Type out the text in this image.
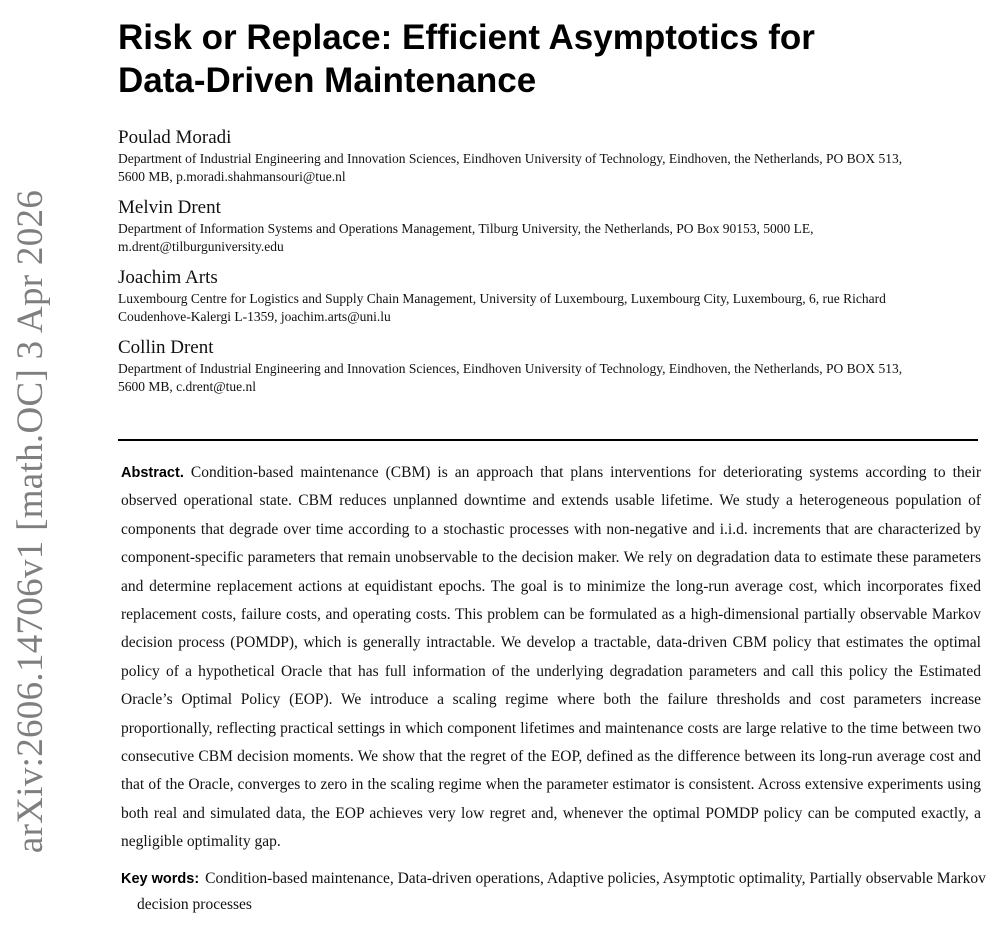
arXiv:2606.14706v1 [math.OC] 3 Apr 2026
Risk or Replace: Efficient Asymptotics for
Data-Driven Maintenance
Poulad Moradi
Department of Industrial Engineering and Innovation Sciences, Eindhoven University of Technology, Eindhoven, the Netherlands, PO BOX 513,
5600 MB, p.moradi.shahmansouri@tue.nl
Melvin Drent
Department of Information Systems and Operations Management, Tilburg University, the Netherlands, PO Box 90153, 5000 LE,
m.drent@tilburguniversity.edu
Joachim Arts
Luxembourg Centre for Logistics and Supply Chain Management, University of Luxembourg, Luxembourg City, Luxembourg, 6, rue Richard
Coudenhove-Kalergi L-1359, joachim.arts@uni.lu
Collin Drent
Department of Industrial Engineering and Innovation Sciences, Eindhoven University of Technology, Eindhoven, the Netherlands, PO BOX 513,
5600 MB, c.drent@tue.nl
Abstract. Condition-based maintenance (CBM) is an approach that plans interventions for deteriorating systems according to their observed operational state. CBM reduces unplanned downtime and extends usable lifetime. We study a heterogeneous population of components that degrade over time according to a stochastic processes with non-negative and i.i.d. increments that are characterized by component-specific parameters that remain unobservable to the decision maker. We rely on degradation data to estimate these parameters and determine replacement actions at equidistant epochs. The goal is to minimize the long-run average cost, which incorporates fixed replacement costs, failure costs, and operating costs. This problem can be formulated as a high-dimensional partially observable Markov decision process (POMDP), which is generally intractable. We develop a tractable, data-driven CBM policy that estimates the optimal policy of a hypothetical Oracle that has full information of the underlying degradation parameters and call this policy the Estimated Oracle’s Optimal Policy (EOP). We introduce a scaling regime where both the failure thresholds and cost parameters increase proportionally, reflecting practical settings in which component lifetimes and maintenance costs are large relative to the time between two consecutive CBM decision moments. We show that the regret of the EOP, defined as the difference between its long-run average cost and that of the Oracle, converges to zero in the scaling regime when the parameter estimator is consistent. Across extensive experiments using both real and simulated data, the EOP achieves very low regret and, whenever the optimal POMDP policy can be computed exactly, a negligible optimality gap.
Key words: Condition-based maintenance, Data-driven operations, Adaptive policies, Asymptotic optimality, Partially observable Markov decision processes
